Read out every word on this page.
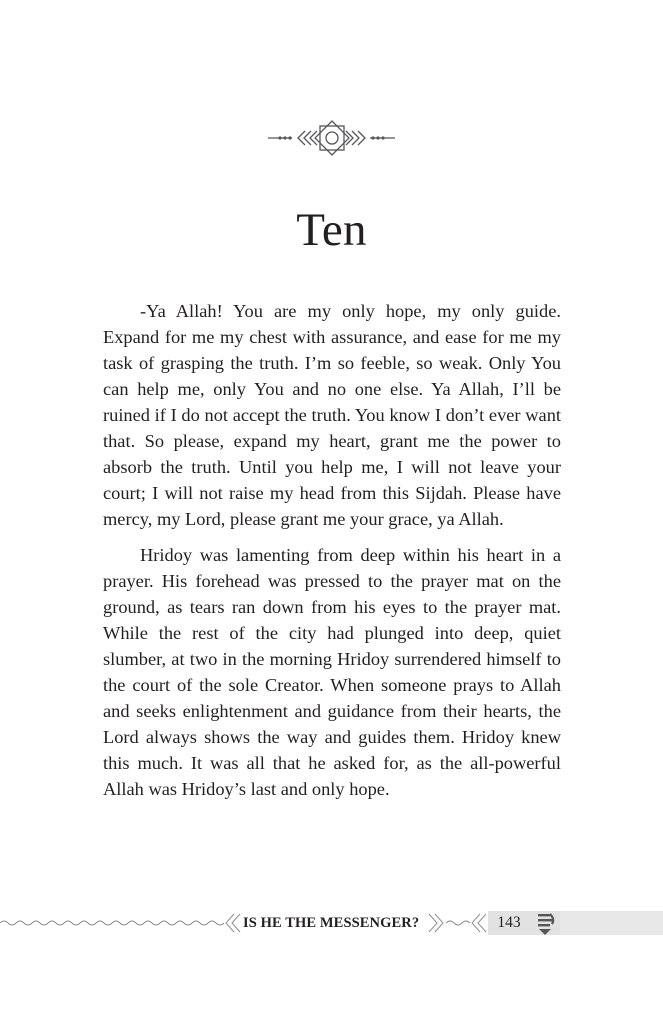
Ten

-Ya Allah! You are my only hope, my only guide. Expand for me my chest with assurance, and ease for me my task of grasping the truth. I’m so feeble, so weak. Only You can help me, only You and no one else. Ya Allah, I’ll be ruined if I do not accept the truth. You know I don’t ever want that. So please, expand my heart, grant me the power to absorb the truth. Until you help me, I will not leave your court; I will not raise my head from this Sijdah. Please have mercy, my Lord, please grant me your grace, ya Allah.

Hridoy was lamenting from deep within his heart in a prayer. His forehead was pressed to the prayer mat on the ground, as tears ran down from his eyes to the prayer mat. While the rest of the city had plunged into deep, quiet slumber, at two in the morning Hridoy surrendered himself to the court of the sole Creator. When someone prays to Allah and seeks enlightenment and guidance from their hearts, the Lord always shows the way and guides them. Hridoy knew this much. It was all that he asked for, as the all-powerful Allah was Hridoy’s last and only hope.

IS HE THE MESSENGER?	143
